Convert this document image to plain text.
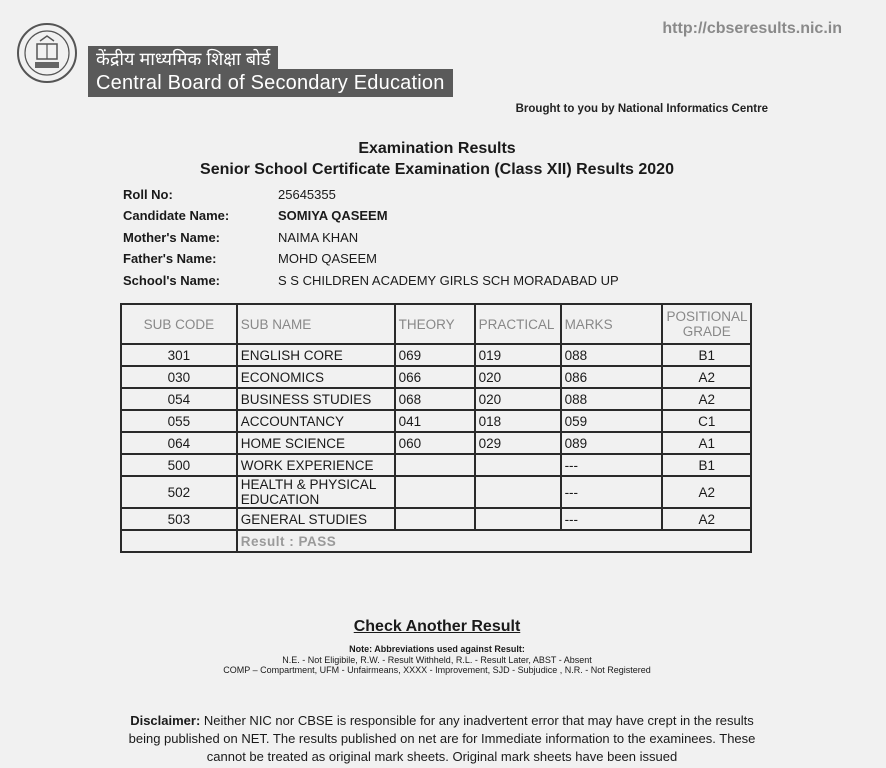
http://cbseresults.nic.in
केंद्रीय माध्यमिक शिक्षा बोर्ड
Central Board of Secondary Education
Brought to you by National Informatics Centre
Examination Results
Senior School Certificate Examination (Class XII) Results 2020
Roll No:	25645355
Candidate Name:	SOMIYA QASEEM
Mother's Name:	NAIMA KHAN
Father's Name:	MOHD QASEEM
School's Name:	S S CHILDREN ACADEMY GIRLS SCH MORADABAD UP
SUB CODE	SUB NAME	THEORY	PRACTICAL	MARKS	POSITIONAL GRADE
301	ENGLISH CORE	069	019	088	B1
030	ECONOMICS	066	020	086	A2
054	BUSINESS STUDIES	068	020	088	A2
055	ACCOUNTANCY	041	018	059	C1
064	HOME SCIENCE	060	029	089	A1
500	WORK EXPERIENCE			---	B1
502	HEALTH & PHYSICAL EDUCATION			---	A2
503	GENERAL STUDIES			---	A2
	Result : PASS				
Check Another Result
Note: Abbreviations used against Result:
N.E. - Not Eligibile, R.W. - Result Withheld, R.L. - Result Later, ABST - Absent
COMP – Compartment, UFM - Unfairmeans, XXXX - Improvement, SJD - Subjudice , N.R. - Not Registered
Disclaimer: Neither NIC nor CBSE is responsible for any inadvertent error that may have crept in the results being published on NET. The results published on net are for Immediate information to the examinees. These cannot be treated as original mark sheets. Original mark sheets have been issued
